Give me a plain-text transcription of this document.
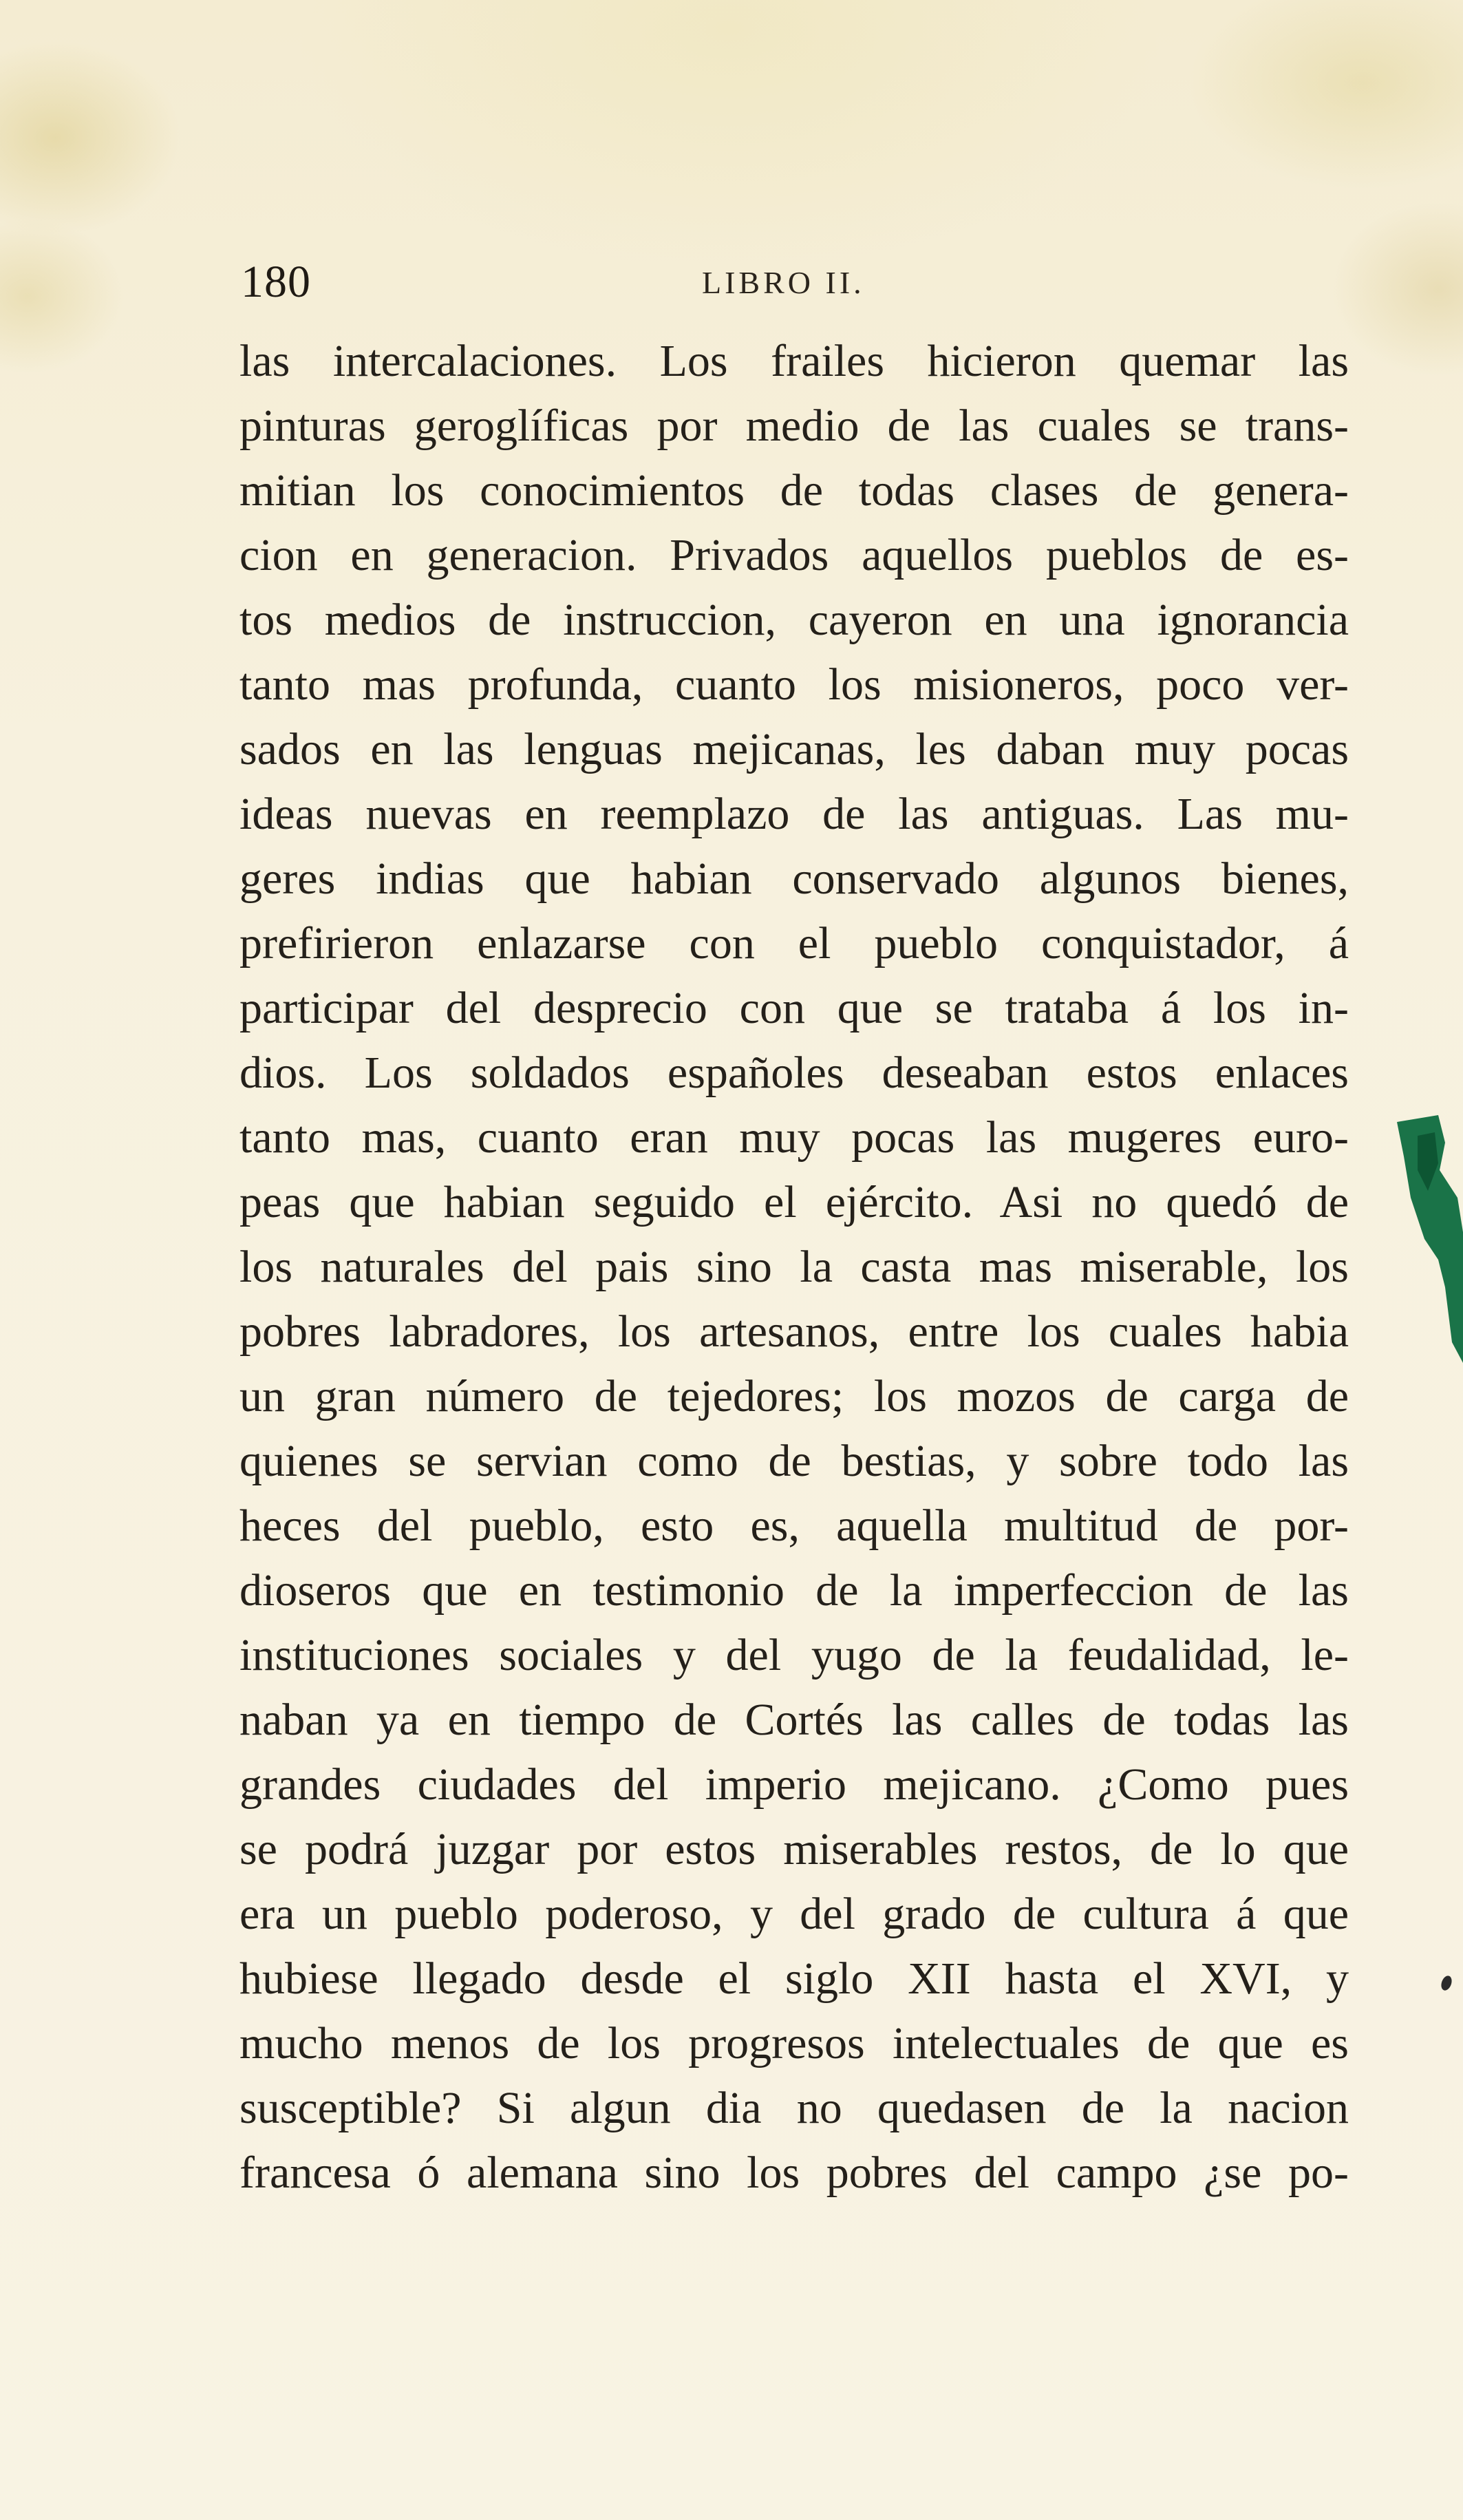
180	LIBRO II.
las intercalaciones. Los frailes hicieron quemar las
pinturas geroglíficas por medio de las cuales se trans-
mitian los conocimientos de todas clases de genera-
cion en generacion. Privados aquellos pueblos de es-
tos medios de instruccion, cayeron en una ignorancia
tanto mas profunda, cuanto los misioneros, poco ver-
sados en las lenguas mejicanas, les daban muy pocas
ideas nuevas en reemplazo de las antiguas. Las mu-
geres indias que habian conservado algunos bienes,
prefirieron enlazarse con el pueblo conquistador, á
participar del desprecio con que se trataba á los in-
dios. Los soldados españoles deseaban estos enlaces
tanto mas, cuanto eran muy pocas las mugeres euro-
peas que habian seguido el ejército. Asi no quedó de
los naturales del pais sino la casta mas miserable, los
pobres labradores, los artesanos, entre los cuales habia
un gran número de tejedores; los mozos de carga de
quienes se servian como de bestias, y sobre todo las
heces del pueblo, esto es, aquella multitud de por-
dioseros que en testimonio de la imperfeccion de las
instituciones sociales y del yugo de la feudalidad, le-
naban ya en tiempo de Cortés las calles de todas las
grandes ciudades del imperio mejicano. ¿Como pues
se podrá juzgar por estos miserables restos, de lo que
era un pueblo poderoso, y del grado de cultura á que
hubiese llegado desde el siglo XII hasta el XVI, y
mucho menos de los progresos intelectuales de que es
susceptible? Si algun dia no quedasen de la nacion
francesa ó alemana sino los pobres del campo ¿se po-
